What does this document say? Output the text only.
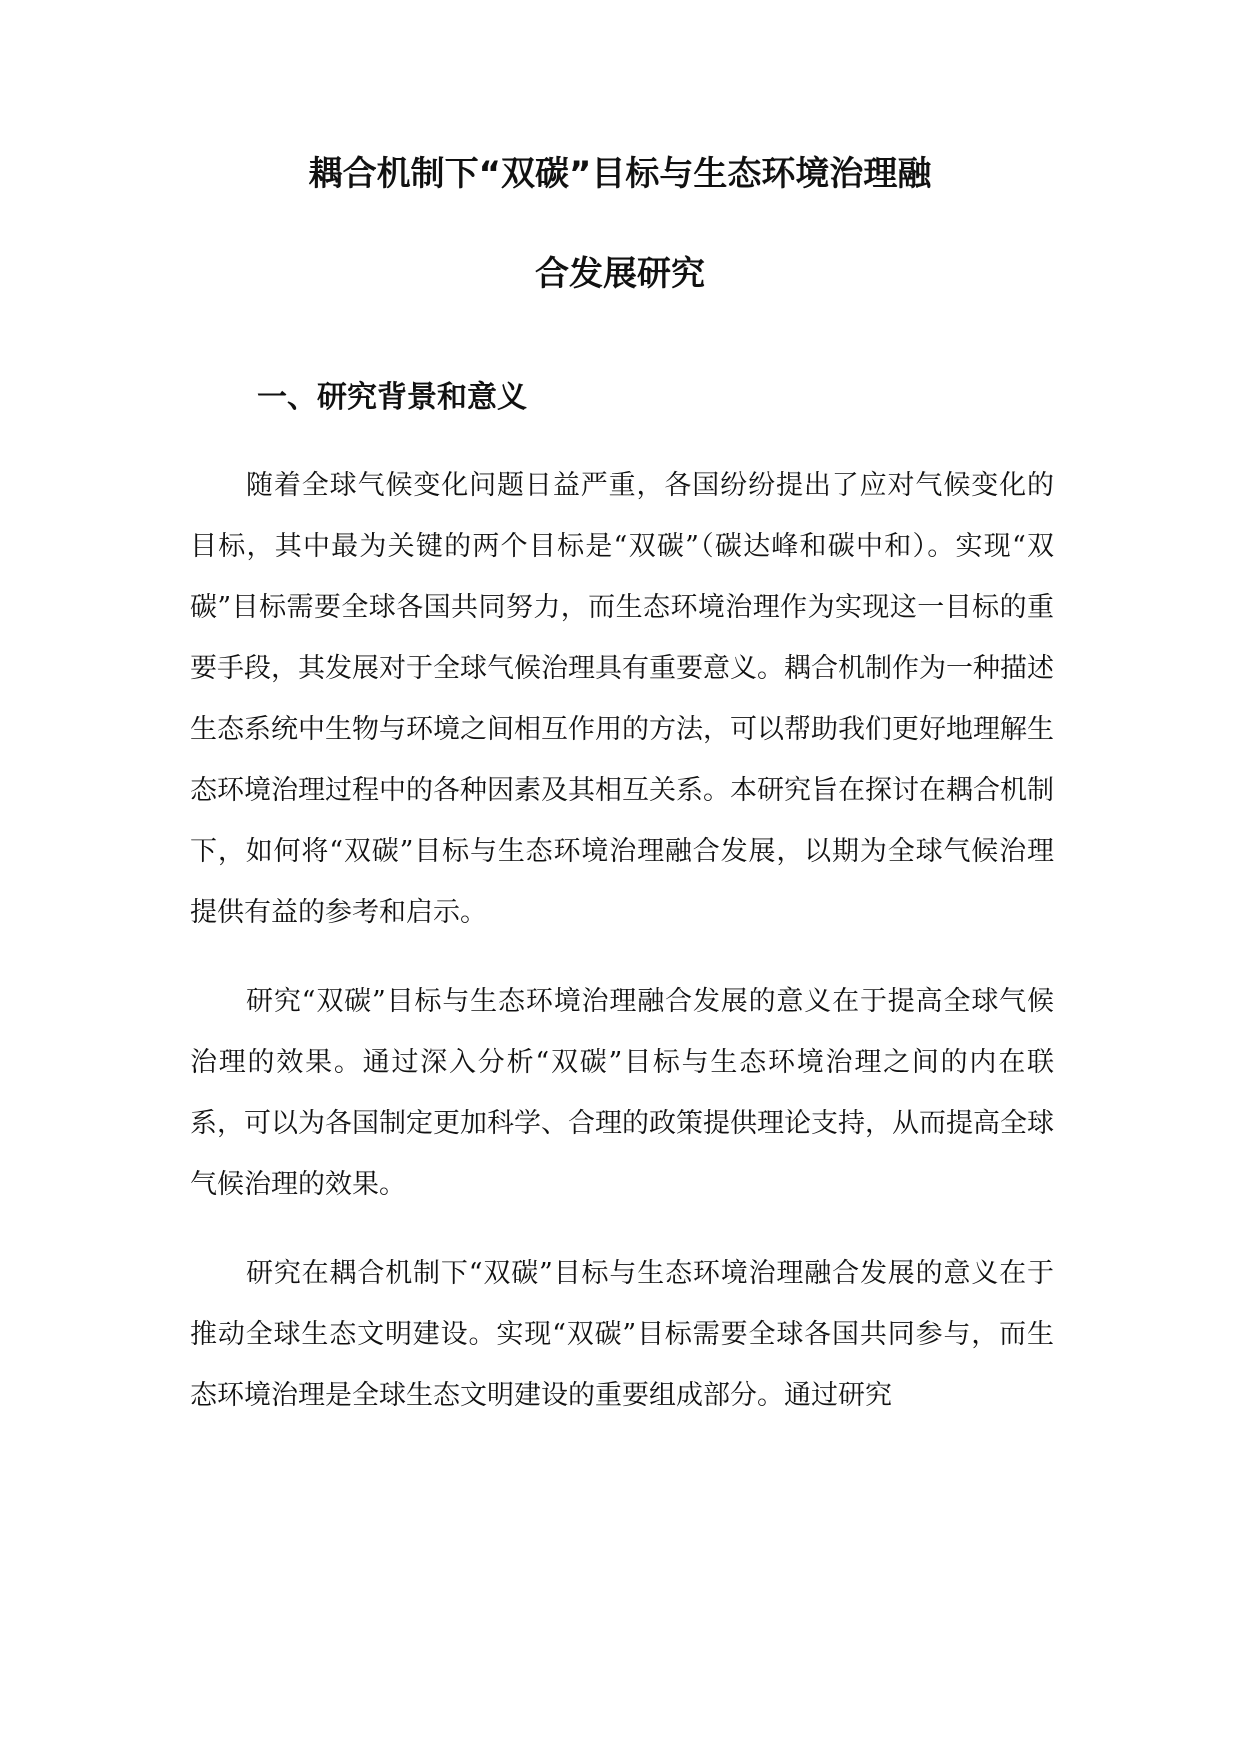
耦合机制下“双碳”目标与生态环境治理融
合发展研究
一、研究背景和意义

随着全球气候变化问题日益严重，各国纷纷提出了应对气候变化的目标，其中最为关键的两个目标是“双碳”（碳达峰和碳中和）。实现“双碳”目标需要全球各国共同努力，而生态环境治理作为实现这一目标的重要手段，其发展对于全球气候治理具有重要意义。耦合机制作为一种描述生态系统中生物与环境之间相互作用的方法，可以帮助我们更好地理解生态环境治理过程中的各种因素及其相互关系。本研究旨在探讨在耦合机制下，如何将“双碳”目标与生态环境治理融合发展，以期为全球气候治理提供有益的参考和启示。

研究“双碳”目标与生态环境治理融合发展的意义在于提高全球气候治理的效果。通过深入分析“双碳”目标与生态环境治理之间的内在联系，可以为各国制定更加科学、合理的政策提供理论支持，从而提高全球气候治理的效果。

研究在耦合机制下“双碳”目标与生态环境治理融合发展的意义在于推动全球生态文明建设。实现“双碳”目标需要全球各国共同参与，而生态环境治理是全球生态文明建设的重要组成部分。通过研究
